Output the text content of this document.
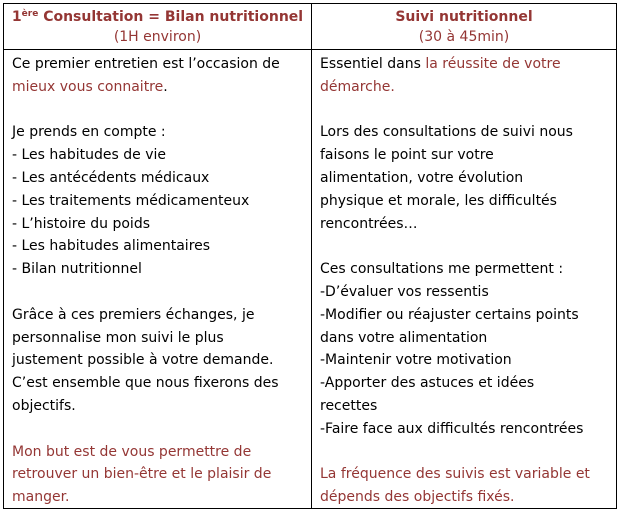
1ère Consultation = Bilan nutritionnel
(1H environ)
Suivi nutritionnel
(30 à 45min)
Ce premier entretien est l’occasion de
mieux vous connaitre.
Je prends en compte :
- Les habitudes de vie
- Les antécédents médicaux
- Les traitements médicamenteux
- L’histoire du poids
- Les habitudes alimentaires
- Bilan nutritionnel
Grâce à ces premiers échanges, je
personnalise mon suivi le plus
justement possible à votre demande.
C’est ensemble que nous fixerons des
objectifs.
Mon but est de vous permettre de
retrouver un bien-être et le plaisir de
manger.
Essentiel dans la réussite de votre
démarche.
Lors des consultations de suivi nous
faisons le point sur votre
alimentation, votre évolution
physique et morale, les difficultés
rencontrées…
Ces consultations me permettent :
-D’évaluer vos ressentis
-Modifier ou réajuster certains points
dans votre alimentation
-Maintenir votre motivation
-Apporter des astuces et idées
recettes
-Faire face aux difficultés rencontrées
La fréquence des suivis est variable et
dépends des objectifs fixés.
